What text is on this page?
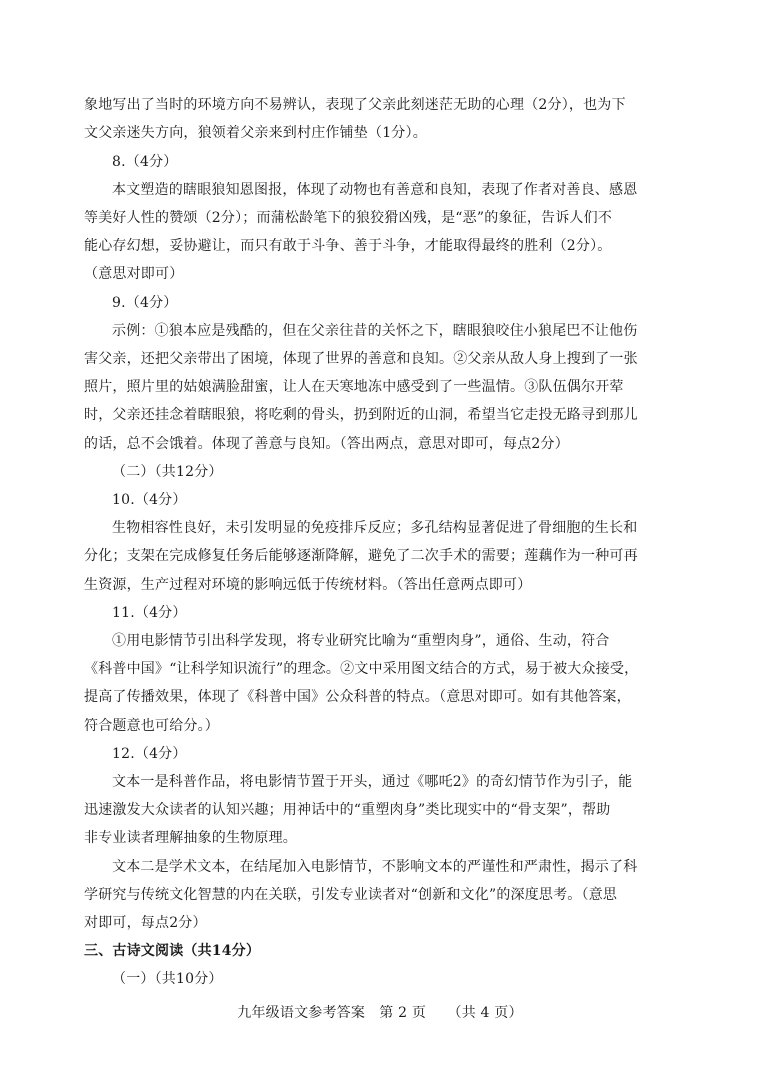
象地写出了当时的环境方向不易辨认，表现了父亲此刻迷茫无助的心理（2分），也为下
文父亲迷失方向，狼领着父亲来到村庄作铺垫（1分）。
8.（4分）
本文塑造的瞎眼狼知恩图报，体现了动物也有善意和良知，表现了作者对善良、感恩
等美好人性的赞颂（2分）；而蒲松龄笔下的狼狡猾凶残，是“恶”的象征，告诉人们不
能心存幻想，妥协避让，而只有敢于斗争、善于斗争，才能取得最终的胜利（2分）。
（意思对即可）
9.（4分）
示例：①狼本应是残酷的，但在父亲往昔的关怀之下，瞎眼狼咬住小狼尾巴不让他伤
害父亲，还把父亲带出了困境，体现了世界的善意和良知。②父亲从敌人身上搜到了一张
照片，照片里的姑娘满脸甜蜜，让人在天寒地冻中感受到了一些温情。③队伍偶尔开荤
时，父亲还挂念着瞎眼狼，将吃剩的骨头，扔到附近的山洞，希望当它走投无路寻到那儿
的话，总不会饿着。体现了善意与良知。（答出两点，意思对即可，每点2分）
（二）（共12分）
10.（4分）
生物相容性良好，未引发明显的免疫排斥反应；多孔结构显著促进了骨细胞的生长和
分化；支架在完成修复任务后能够逐渐降解，避免了二次手术的需要；莲藕作为一种可再
生资源，生产过程对环境的影响远低于传统材料。（答出任意两点即可）
11.（4分）
①用电影情节引出科学发现，将专业研究比喻为“重塑肉身”，通俗、生动，符合
《科普中国》“让科学知识流行”的理念。②文中采用图文结合的方式，易于被大众接受，
提高了传播效果，体现了《科普中国》公众科普的特点。（意思对即可。如有其他答案，
符合题意也可给分。）
12.（4分）
文本一是科普作品，将电影情节置于开头，通过《哪吒2》的奇幻情节作为引子，能
迅速激发大众读者的认知兴趣；用神话中的“重塑肉身”类比现实中的“骨支架”，帮助
非专业读者理解抽象的生物原理。
文本二是学术文本，在结尾加入电影情节，不影响文本的严谨性和严肃性，揭示了科
学研究与传统文化智慧的内在关联，引发专业读者对“创新和文化”的深度思考。（意思
对即可，每点2分）
三、古诗文阅读（共14分）
（一）（共10分）
九年级语文参考答案　第 2 页　　（共 4 页）
